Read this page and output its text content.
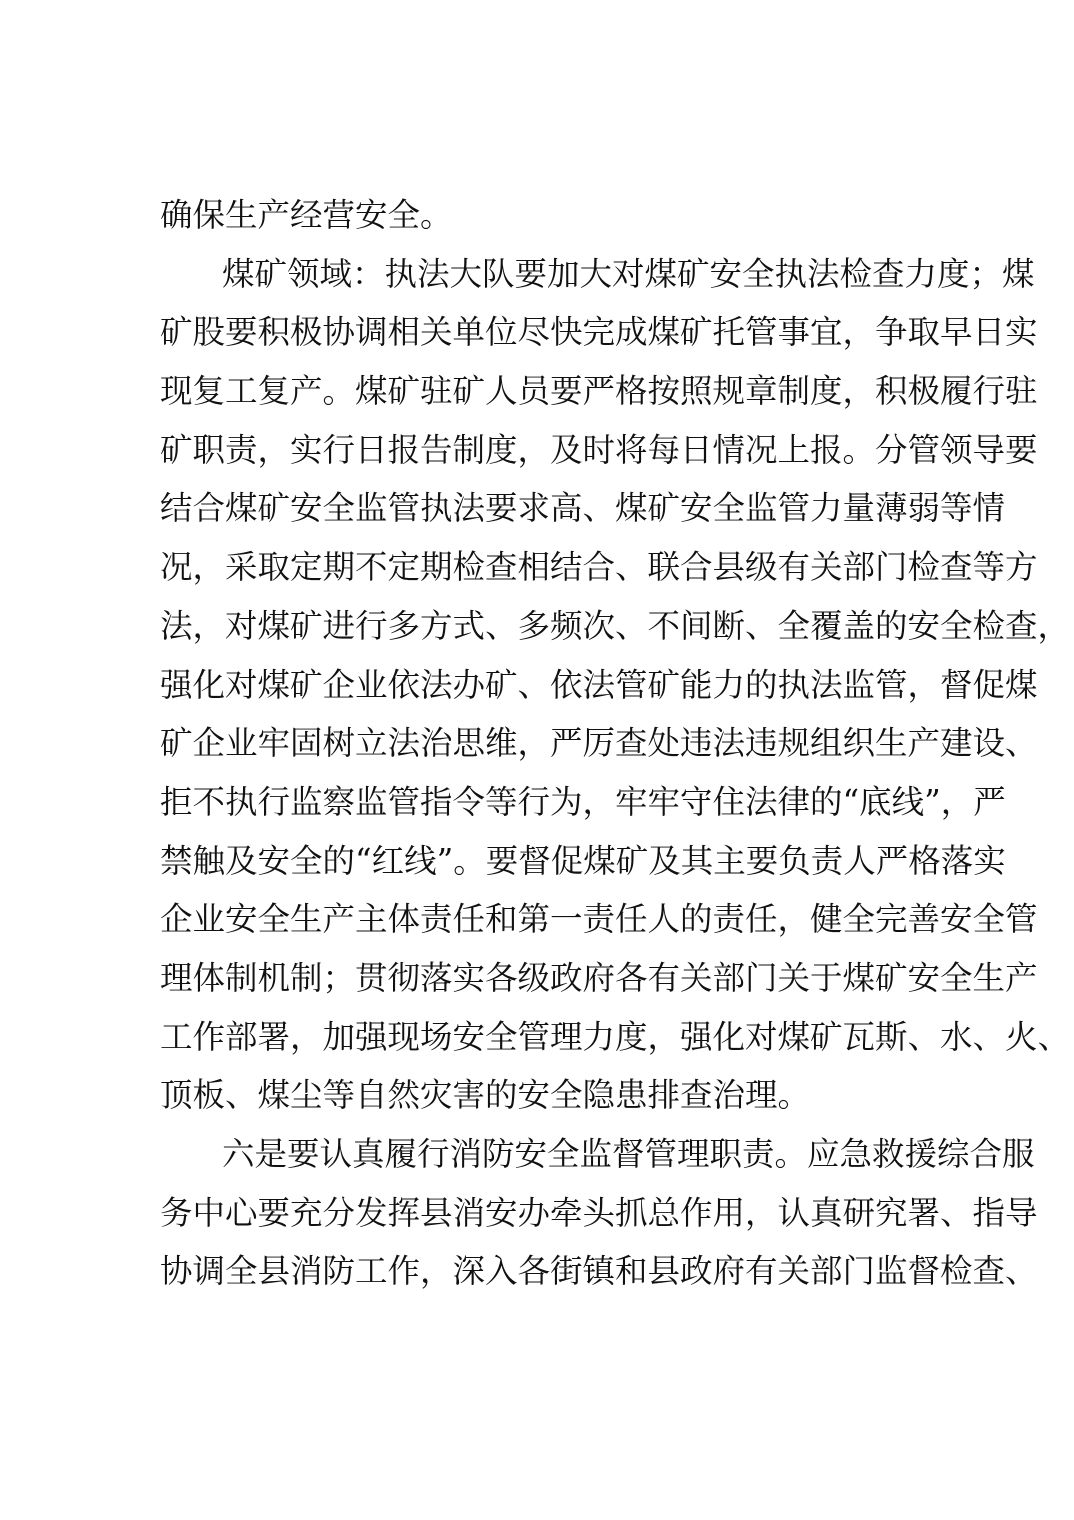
确保生产经营安全。
煤矿领域：执法大队要加大对煤矿安全执法检查力度；煤
矿股要积极协调相关单位尽快完成煤矿托管事宜，争取早日实
现复工复产。煤矿驻矿人员要严格按照规章制度，积极履行驻
矿职责，实行日报告制度，及时将每日情况上报。分管领导要
结合煤矿安全监管执法要求高、煤矿安全监管力量薄弱等情
况，采取定期不定期检查相结合、联合县级有关部门检查等方
法，对煤矿进行多方式、多频次、不间断、全覆盖的安全检查，
强化对煤矿企业依法办矿、依法管矿能力的执法监管，督促煤
矿企业牢固树立法治思维，严厉查处违法违规组织生产建设、
拒不执行监察监管指令等行为，牢牢守住法律的“底线”，严
禁触及安全的“红线”。要督促煤矿及其主要负责人严格落实
企业安全生产主体责任和第一责任人的责任，健全完善安全管
理体制机制；贯彻落实各级政府各有关部门关于煤矿安全生产
工作部署，加强现场安全管理力度，强化对煤矿瓦斯、水、火、
顶板、煤尘等自然灾害的安全隐患排查治理。
六是要认真履行消防安全监督管理职责。应急救援综合服
务中心要充分发挥县消安办牵头抓总作用，认真研究署、指导
协调全县消防工作，深入各街镇和县政府有关部门监督检查、
